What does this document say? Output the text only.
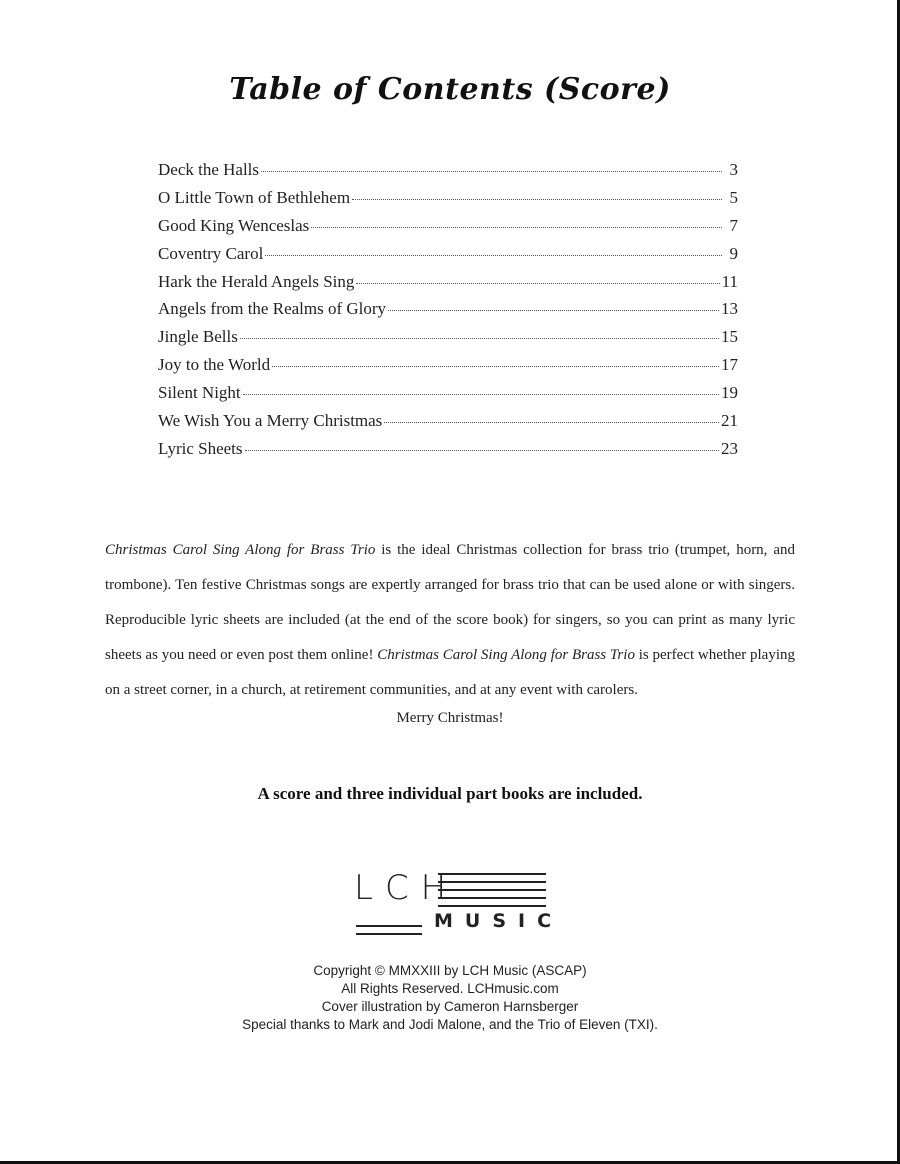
Table of Contents (Score)
Deck the Halls	3
O Little Town of Bethlehem	5
Good King Wenceslas	7
Coventry Carol	9
Hark the Herald Angels Sing	11
Angels from the Realms of Glory	13
Jingle Bells	15
Joy to the World	17
Silent Night	19
We Wish You a Merry Christmas	21
Lyric Sheets	23

Christmas Carol Sing Along for Brass Trio is the ideal Christmas collection for brass trio (trumpet, horn, and trombone). Ten festive Christmas songs are expertly arranged for brass trio that can be used alone or with singers. Reproducible lyric sheets are included (at the end of the score book) for singers, so you can print as many lyric sheets as you need or even post them online! Christmas Carol Sing Along for Brass Trio is perfect whether playing on a street corner, in a church, at retirement communities, and at any event with carolers.

Merry Christmas!
A score and three individual part books are included.
LCH
MUSIC
Copyright © MMXXIII by LCH Music (ASCAP)
All Rights Reserved. LCHmusic.com
Cover illustration by Cameron Harnsberger
Special thanks to Mark and Jodi Malone, and the Trio of Eleven (TXI).
